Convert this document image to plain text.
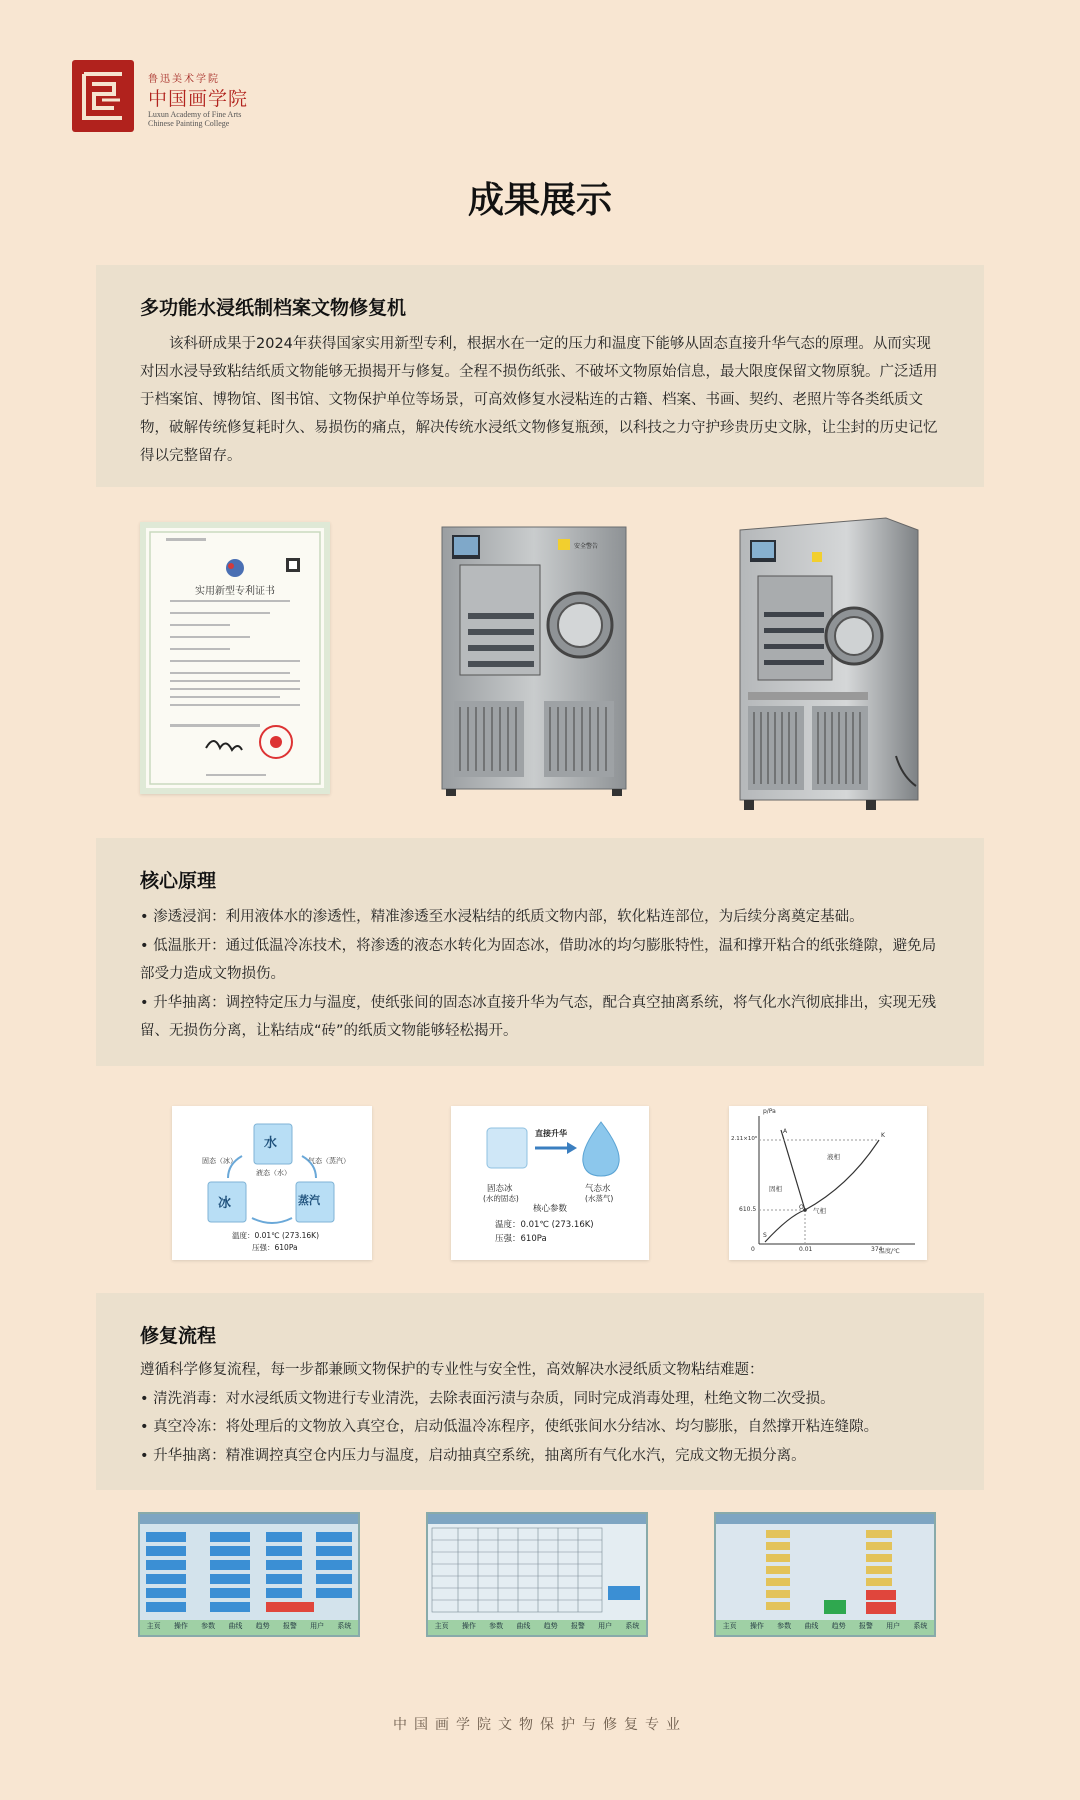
鲁迅美术学院
中国画学院
Luxun Academy of Fine Arts
Chinese Painting College
成果展示
多功能水浸纸制档案文物修复机

该科研成果于2024年获得国家实用新型专利，根据水在一定的压力和温度下能够从固态直接升华气态的原理。从而实现对因水浸导致粘结纸质文物能够无损揭开与修复。全程不损伤纸张、不破坏文物原始信息，最大限度保留文物原貌。广泛适用于档案馆、博物馆、图书馆、文物保护单位等场景，可高效修复水浸粘连的古籍、档案、书画、契约、老照片等各类纸质文物，破解传统修复耗时久、易损伤的痛点，解决传统水浸纸文物修复瓶颈，以科技之力守护珍贵历史文脉，让尘封的历史记忆得以完整留存。

实用新型专利证书
安全警告
核心原理
• 渗透浸润：利用液体水的渗透性，精准渗透至水浸粘结的纸质文物内部，软化粘连部位，为后续分离奠定基础。
• 低温胀开：通过低温冷冻技术，将渗透的液态水转化为固态冰，借助冰的均匀膨胀特性，温和撑开粘合的纸张缝隙，避免局部受力造成文物损伤。
• 升华抽离：调控特定压力与温度，使纸张间的固态冰直接升华为气态，配合真空抽离系统，将气化水汽彻底排出，实现无残留、无损伤分离，让粘结成“砖”的纸质文物能够轻松揭开。
水
冰	蒸汽
固态（冰）
液态（水）
气态（蒸汽）
温度：0.01℃ (273.16K)
压强：610Pa
直接升华
固态冰
(水的固态)
气态水
(水蒸气)
核心参数
温度：0.01℃ (273.16K)
压强：610Pa
p/Pa
温度/℃
2.11×10⁸
610.5
0	0.01	374
液相
固相
气相
A
O
K
S
修复流程
遵循科学修复流程，每一步都兼顾文物保护的专业性与安全性，高效解决水浸纸质文物粘结难题：
• 清洗消毒：对水浸纸质文物进行专业清洗，去除表面污渍与杂质，同时完成消毒处理，杜绝文物二次受损。
• 真空冷冻：将处理后的文物放入真空仓，启动低温冷冻程序，使纸张间水分结冰、均匀膨胀，自然撑开粘连缝隙。
• 升华抽离：精准调控真空仓内压力与温度，启动抽真空系统，抽离所有气化水汽，完成文物无损分离。
主页 操作 参数 曲线 趋势 报警 用户 系统	主页 操作 参数 曲线 趋势 报警 用户 系统	主页 操作 参数 曲线 趋势 报警 用户 系统
中国画学院文物保护与修复专业
